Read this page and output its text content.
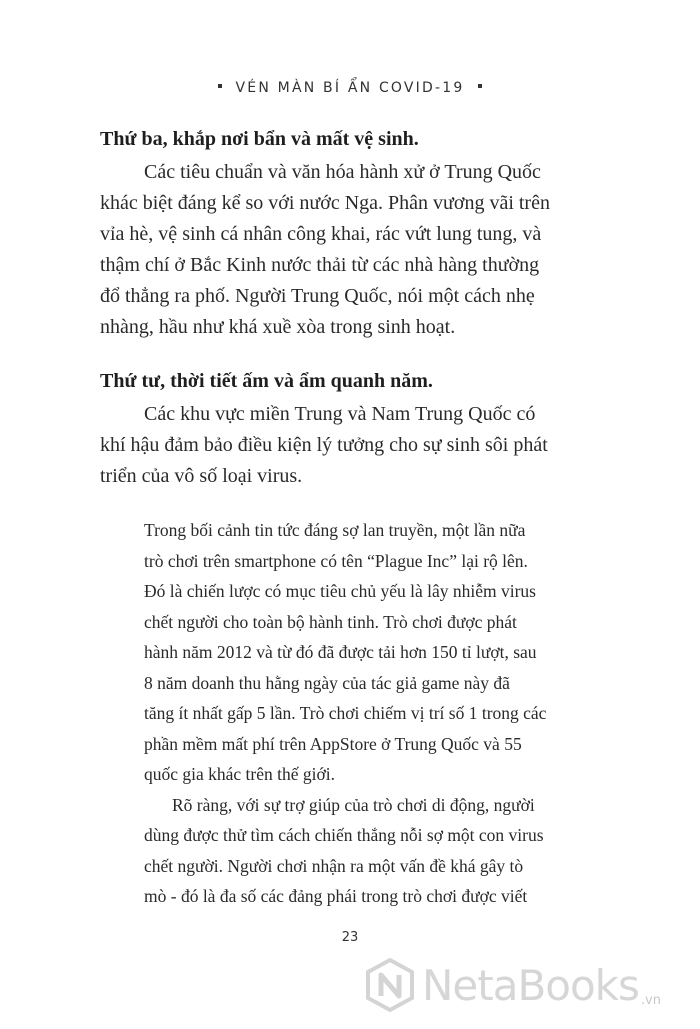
VÉN MÀN BÍ ẨN COVID-19
Thứ ba, khắp nơi bẩn và mất vệ sinh.

Các tiêu chuẩn và văn hóa hành xử ở Trung Quốc
khác biệt đáng kể so với nước Nga. Phân vương vãi trên
vỉa hè, vệ sinh cá nhân công khai, rác vứt lung tung, và
thậm chí ở Bắc Kinh nước thải từ các nhà hàng thường
đổ thẳng ra phố. Người Trung Quốc, nói một cách nhẹ
nhàng, hầu như khá xuề xòa trong sinh hoạt.

Thứ tư, thời tiết ấm và ẩm quanh năm.

Các khu vực miền Trung và Nam Trung Quốc có
khí hậu đảm bảo điều kiện lý tưởng cho sự sinh sôi phát
triển của vô số loại virus.

Trong bối cảnh tin tức đáng sợ lan truyền, một lần nữa
trò chơi trên smartphone có tên “Plague Inc” lại rộ lên.
Đó là chiến lược có mục tiêu chủ yếu là lây nhiễm virus
chết người cho toàn bộ hành tinh. Trò chơi được phát
hành năm 2012 và từ đó đã được tải hơn 150 tỉ lượt, sau
8 năm doanh thu hằng ngày của tác giả game này đã
tăng ít nhất gấp 5 lần. Trò chơi chiếm vị trí số 1 trong các
phần mềm mất phí trên AppStore ở Trung Quốc và 55
quốc gia khác trên thế giới.
Rõ ràng, với sự trợ giúp của trò chơi di động, người
dùng được thử tìm cách chiến thắng nỗi sợ một con virus
chết người. Người chơi nhận ra một vấn đề khá gây tò
mò - đó là đa số các đảng phái trong trò chơi được viết

23
NetaBooks .vn
